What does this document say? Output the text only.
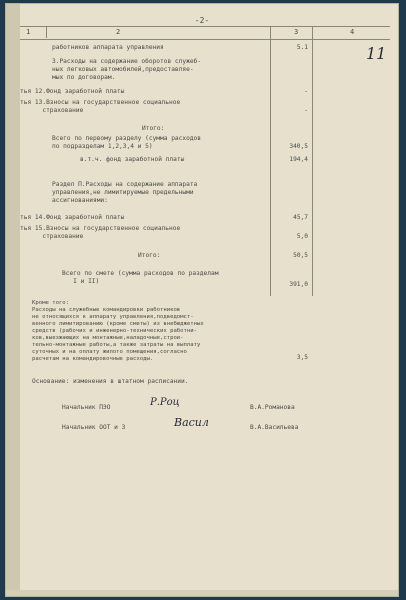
-2-
1	2	3	4
11
работников аппарата управления	5.1
3.Расходы на содержание оборотов служеб-
ных легковых автомобилей,предоставляе-
мых по договорам.
тья 12.Фонд заработной платы	-
тья 13.Взносы на государственное социальное
страхование	-
Итого:
Всего по первому разделу (сумма расходов
по подразделам 1,2,3,4 и 5)	340,5
в.т.ч. фонд заработной платы	194,4
Раздел П.Расходы на содержание аппарата
управления,не лимитируемые предельными
ассигнованиями:
тья 14.Фонд заработной платы	45,7
тья 15.Взносы на государственное социальное
страхование	5,0
Итого:	50,5
Всего по смете (сумма расходов по разделам
I и II)	391,0
Кроме того:
Расходы на служебные командировки работников
не относящихся к аппарату управления,подведомст-
венного лимитированию (кроме сметы) из внебюджетных
средств (рабочих и инженерно-технических работни-
ков,выезжающих на монтажные,наладочные,строи-
тельно-монтажные работы,а также затраты на выплату
суточных и на оплату жилого помещения,согласно
расчетам на командировочные расходы.	3,5
Основание: изменения в штатном расписании.
Начальник ПЭО	Р.Роц	В.А.Романова
Начальник ООТ и З	Васил	В.А.Васильева
